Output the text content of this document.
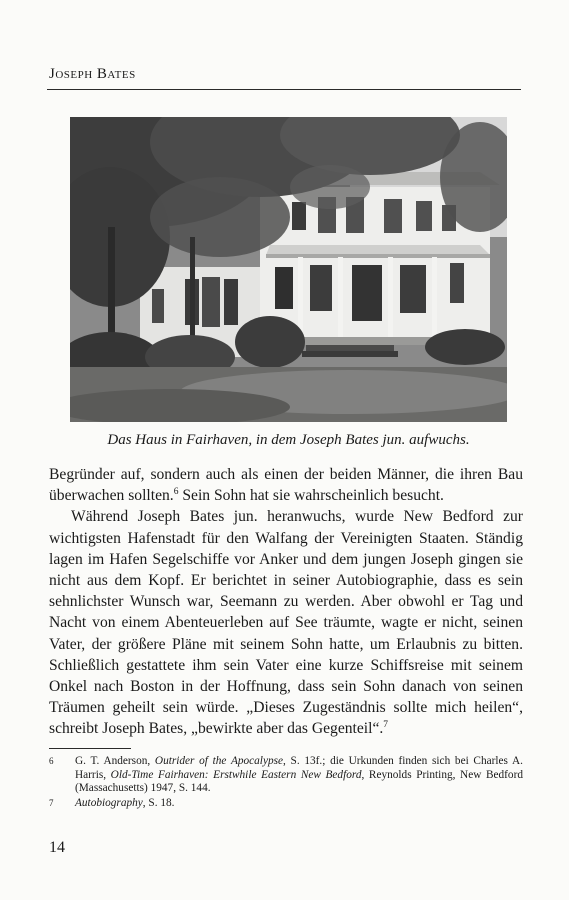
Joseph Bates
Das Haus in Fairhaven, in dem Joseph Bates jun. aufwuchs.

Begründer auf, sondern auch als einen der beiden Männer, die ihren Bau überwachen sollten.$^6$ Sein Sohn hat sie wahrscheinlich besucht.

Während Joseph Bates jun. heranwuchs, wurde New Bedford zur wichtigsten Hafenstadt für den Walfang der Vereinigten Staaten. Ständig lagen im Hafen Segelschiffe vor Anker und dem jungen Joseph gingen sie nicht aus dem Kopf. Er berichtet in seiner Autobiographie, dass es sein sehnlichster Wunsch war, Seemann zu werden. Aber obwohl er Tag und Nacht von einem Abenteuerleben auf See träumte, wagte er nicht, seinen Vater, der größere Pläne mit seinem Sohn hatte, um Erlaubnis zu bitten. Schließlich gestattete ihm sein Vater eine kurze Schiffsreise mit seinem Onkel nach Boston in der Hoffnung, dass sein Sohn danach von seinen Träumen geheilt sein würde. „Dieses Zugeständnis sollte mich heilen“, schreibt Joseph Bates, „bewirkte aber das Gegenteil“.$^7$

6	G. T. Anderson, Outrider of the Apocalypse, S. 13f.; die Urkunden finden sich bei Charles A. Harris, Old-Time Fairhaven: Erstwhile Eastern New Bedford, Reynolds Printing, New Bedford (Massachusetts) 1947, S. 144.
7	Autobiography, S. 18.
14
